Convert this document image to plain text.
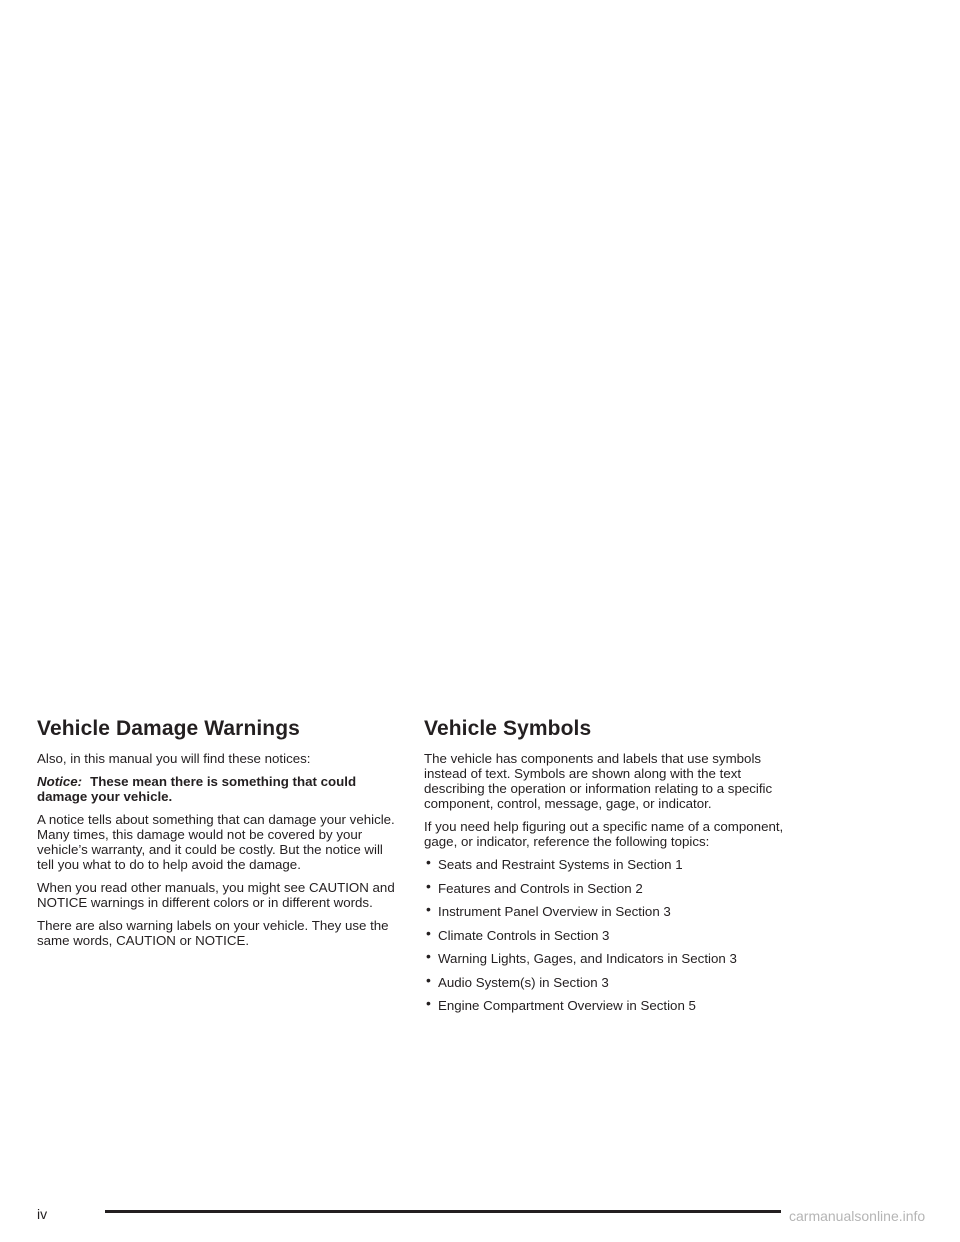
Vehicle Damage Warnings

Also, in this manual you will find these notices:

Notice: These mean there is something that could damage your vehicle.

A notice tells about something that can damage your vehicle. Many times, this damage would not be covered by your vehicle’s warranty, and it could be costly. But the notice will tell you what to do to help avoid the damage.

When you read other manuals, you might see CAUTION and NOTICE warnings in different colors or in different words.

There are also warning labels on your vehicle. They use the same words, CAUTION or NOTICE.

Vehicle Symbols

The vehicle has components and labels that use symbols instead of text. Symbols are shown along with the text describing the operation or information relating to a specific component, control, message, gage, or indicator.

If you need help figuring out a specific name of a component, gage, or indicator, reference the following topics:

• Seats and Restraint Systems in Section 1
• Features and Controls in Section 2
• Instrument Panel Overview in Section 3
• Climate Controls in Section 3
• Warning Lights, Gages, and Indicators in Section 3
• Audio System(s) in Section 3
• Engine Compartment Overview in Section 5
iv	carmanualsonline.info
